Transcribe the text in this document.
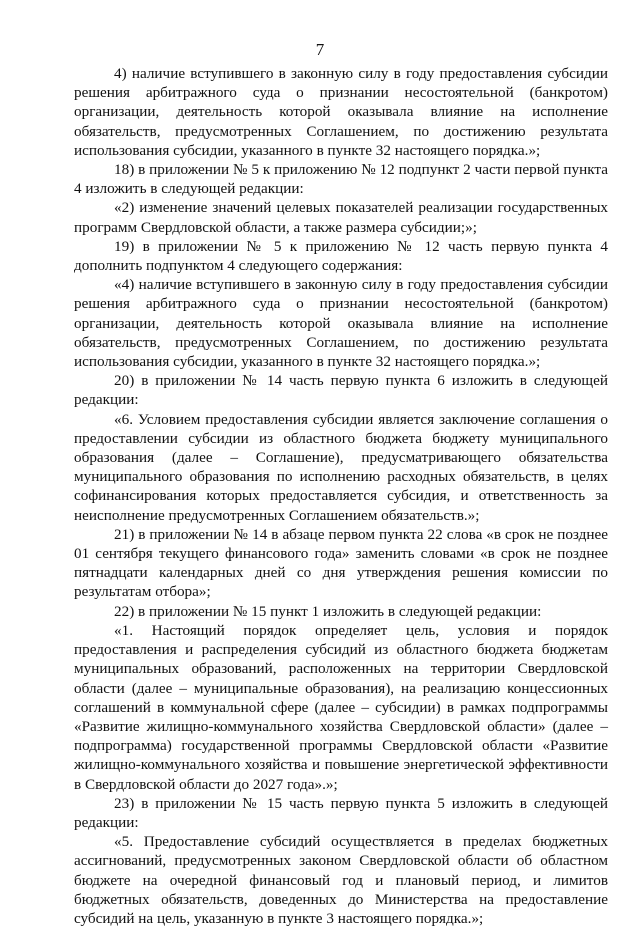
7

4) наличие вступившего в законную силу в году предоставления субсидии решения арбитражного суда о признании несостоятельной (банкротом) организации, деятельность которой оказывала влияние на исполнение обязательств, предусмотренных Соглашением, по достижению результата использования субсидии, указанного в пункте 32 настоящего порядка.»;

18) в приложении № 5 к приложению № 12 подпункт 2 части первой пункта 4 изложить в следующей редакции:

«2) изменение значений целевых показателей реализации государственных программ Свердловской области, а также размера субсидии;»;

19) в приложении № 5 к приложению № 12 часть первую пункта 4 дополнить подпунктом 4 следующего содержания:

«4) наличие вступившего в законную силу в году предоставления субсидии решения арбитражного суда о признании несостоятельной (банкротом) организации, деятельность которой оказывала влияние на исполнение обязательств, предусмотренных Соглашением, по достижению результата использования субсидии, указанного в пункте 32 настоящего порядка.»;

20) в приложении № 14 часть первую пункта 6 изложить в следующей редакции:

«6. Условием предоставления субсидии является заключение соглашения о предоставлении субсидии из областного бюджета бюджету муниципального образования (далее – Соглашение), предусматривающего обязательства муниципального образования по исполнению расходных обязательств, в целях софинансирования которых предоставляется субсидия, и ответственность за неисполнение предусмотренных Соглашением обязательств.»;

21) в приложении № 14 в абзаце первом пункта 22 слова «в срок не позднее 01 сентября текущего финансового года» заменить словами «в срок не позднее пятнадцати календарных дней со дня утверждения решения комиссии по результатам отбора»;

22) в приложении № 15 пункт 1 изложить в следующей редакции:

«1. Настоящий порядок определяет цель, условия и порядок предоставления и распределения субсидий из областного бюджета бюджетам муниципальных образований, расположенных на территории Свердловской области (далее – муниципальные образования), на реализацию концессионных соглашений в коммунальной сфере (далее – субсидии) в рамках подпрограммы «Развитие жилищно-коммунального хозяйства Свердловской области» (далее – подпрограмма) государственной программы Свердловской области «Развитие жилищно-коммунального хозяйства и повышение энергетической эффективности в Свердловской области до 2027 года».»;

23) в приложении № 15 часть первую пункта 5 изложить в следующей редакции:

«5. Предоставление субсидий осуществляется в пределах бюджетных ассигнований, предусмотренных законом Свердловской области об областном бюджете на очередной финансовый год и плановый период, и лимитов бюджетных обязательств, доведенных до Министерства на предоставление субсидий на цель, указанную в пункте 3 настоящего порядка.»;
